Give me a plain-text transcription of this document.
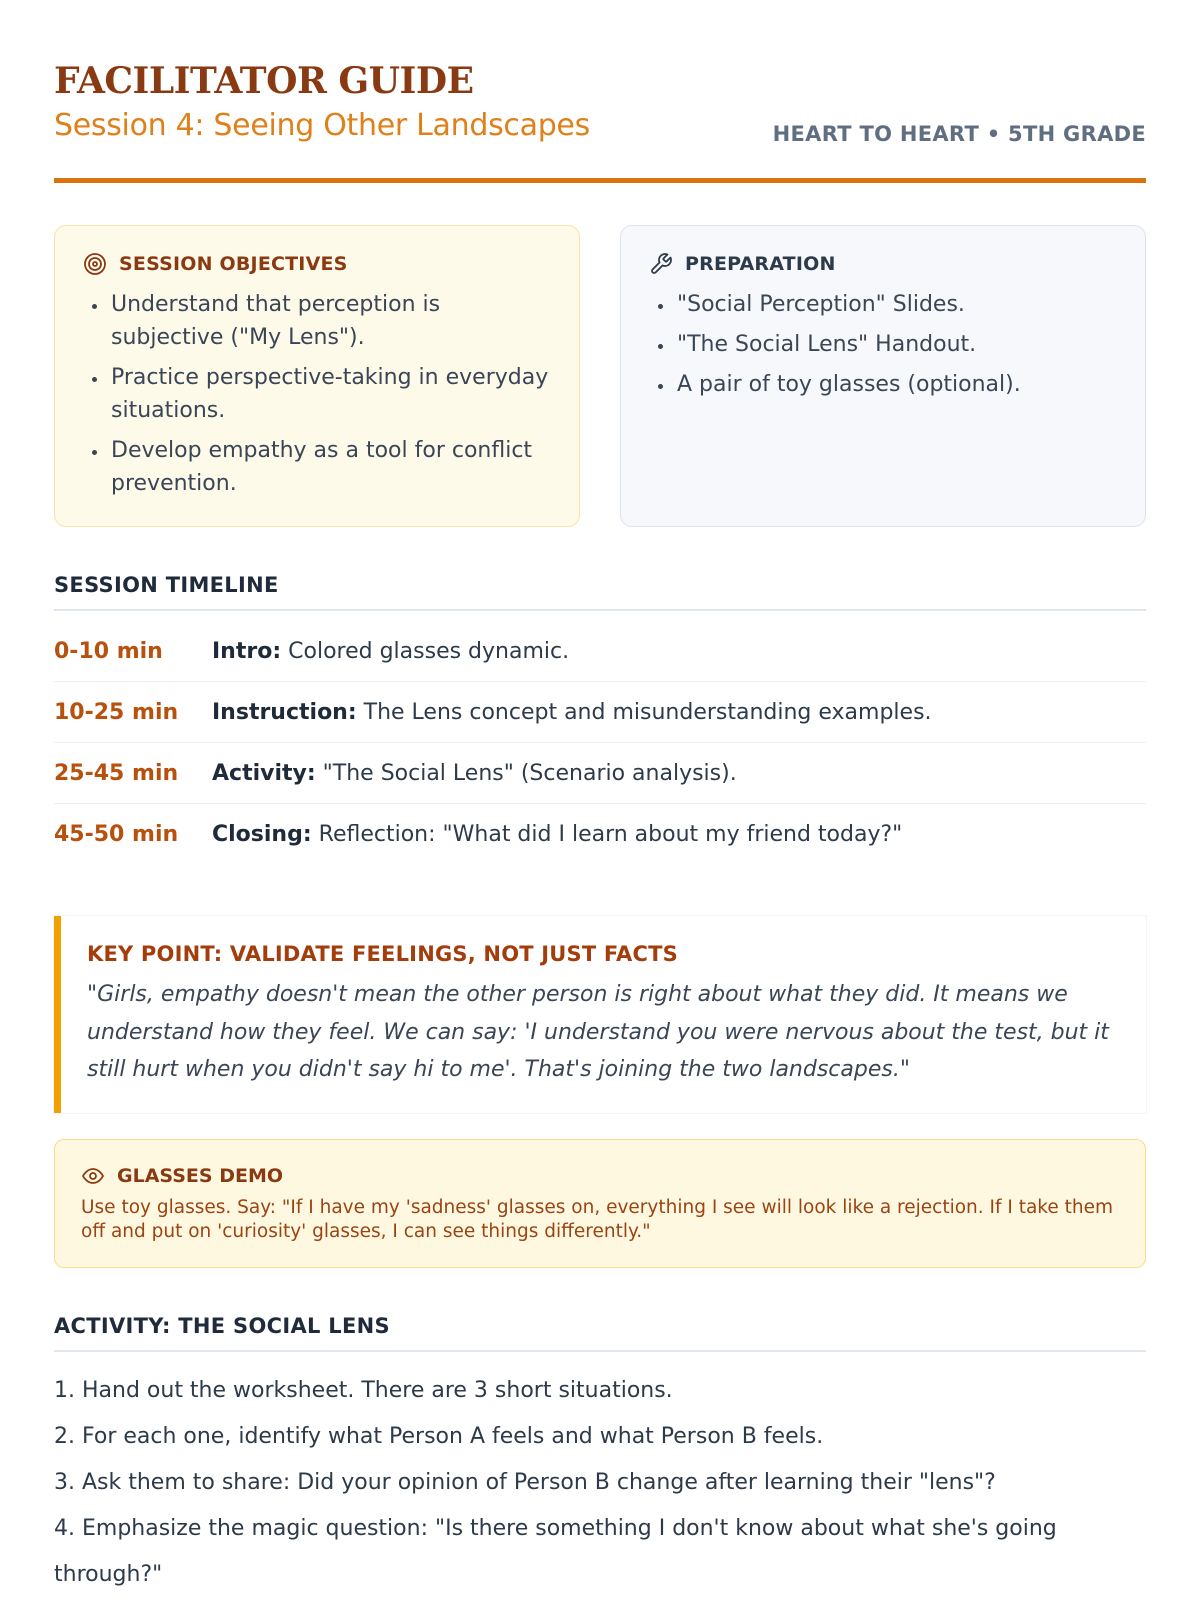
FACILITATOR GUIDE
Session 4: Seeing Other Landscapes	HEART TO HEART • 5TH GRADE
SESSION OBJECTIVES
• Understand that perception is subjective ("My Lens").
• Practice perspective-taking in everyday situations.
• Develop empathy as a tool for conflict prevention.
PREPARATION
• "Social Perception" Slides.
• "The Social Lens" Handout.
• A pair of toy glasses (optional).
SESSION TIMELINE
0-10 min	Intro: Colored glasses dynamic.
10-25 min	Instruction: The Lens concept and misunderstanding examples.
25-45 min	Activity: "The Social Lens" (Scenario analysis).
45-50 min	Closing: Reflection: "What did I learn about my friend today?"
KEY POINT: VALIDATE FEELINGS, NOT JUST FACTS
"Girls, empathy doesn't mean the other person is right about what they did. It means we understand how they feel. We can say: 'I understand you were nervous about the test, but it still hurt when you didn't say hi to me'. That's joining the two landscapes."
GLASSES DEMO
Use toy glasses. Say: "If I have my 'sadness' glasses on, everything I see will look like a rejection. If I take them off and put on 'curiosity' glasses, I can see things differently."
ACTIVITY: THE SOCIAL LENS
1. Hand out the worksheet. There are 3 short situations.
2. For each one, identify what Person A feels and what Person B feels.
3. Ask them to share: Did your opinion of Person B change after learning their "lens"?
4. Emphasize the magic question: "Is there something I don't know about what she's going through?"
